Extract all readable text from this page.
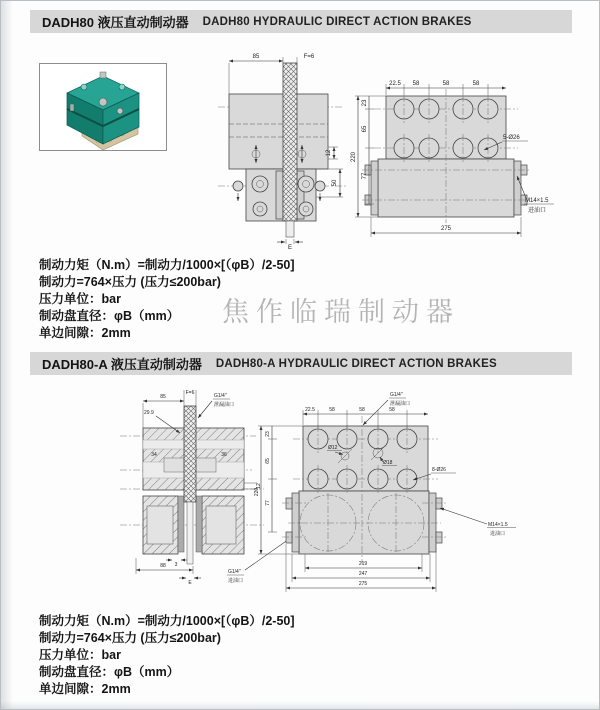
DADH80 液压直动制动器 DADH80 HYDRAULIC DIRECT ACTION BRAKES
85	F=6
12
50
E
22.5 58	58	58
220
23
65
77
5-Ø26
M14×1.5
进油口
275
制动力矩（N.m）=制动力/1000×[（φB）/2-50]
制动力=764×压力 (压力≤200bar)
压力单位：bar
制动盘直径：φB（mm）
单边间隙：2mm
焦作临瑞制动器
DADH80-A 液压直动制动器 DADH80-A HYDRAULIC DIRECT ACTION BRAKES
85
F=6	G1/4″
泄漏油口
29.9
34	36
12
3
88
E
G1/4″
进油口
G1/4″
泄漏油口
22.5	58	58	58
220
23
65
77
Ø12
Ø18
8-Ø26
M14×1.5
进油口
219
247
275
制动力矩（N.m）=制动力/1000×[（φB）/2-50]
制动力=764×压力 (压力≤200bar)
压力单位：bar
制动盘直径：φB（mm）
单边间隙：2mm
